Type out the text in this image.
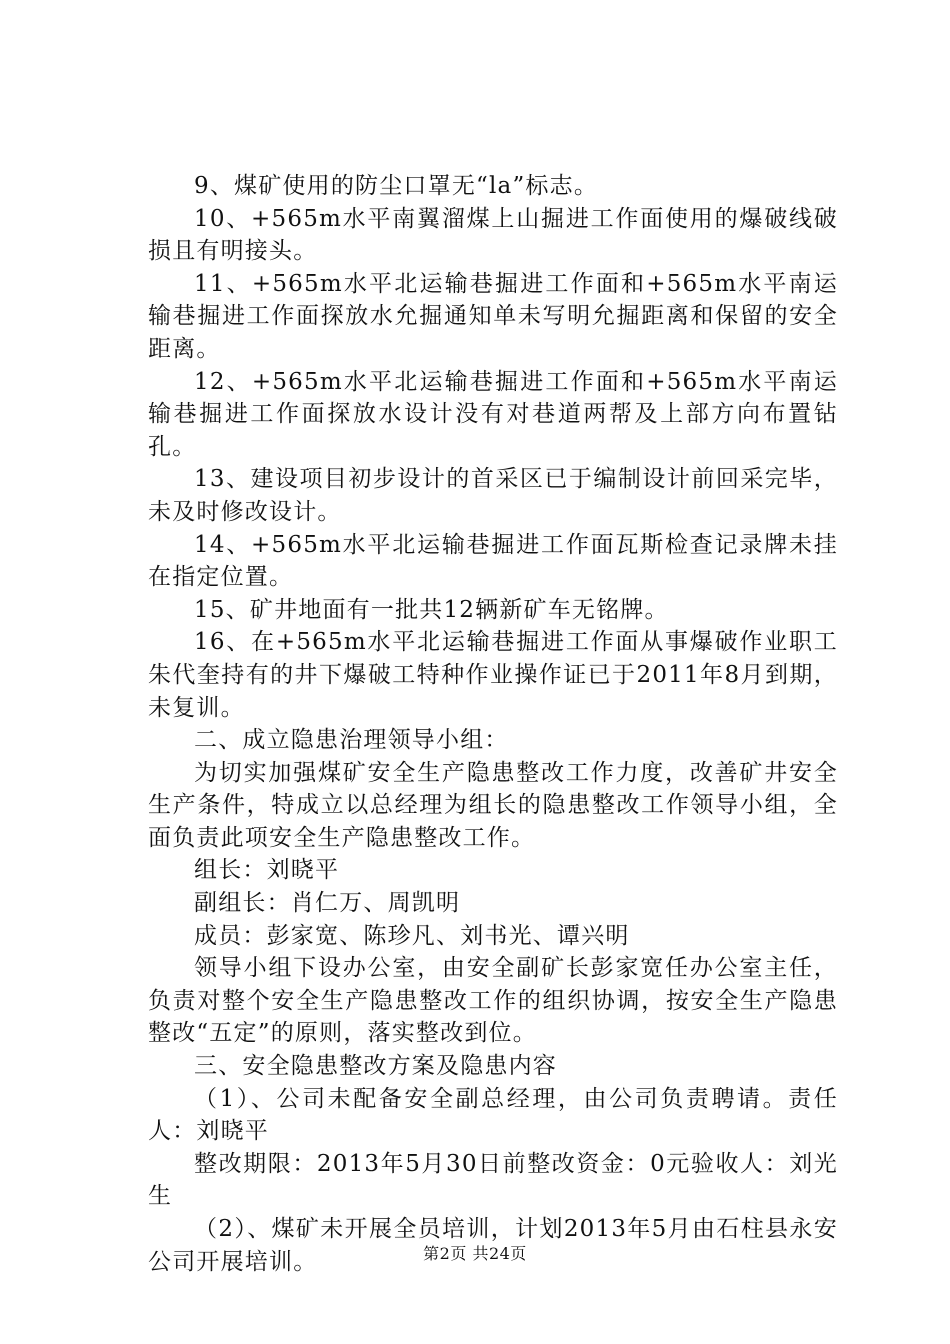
9、煤矿使用的防尘口罩无“la”标志。

10、+565m水平南翼溜煤上山掘进工作面使用的爆破线破损且有明接头。

11、+565m水平北运输巷掘进工作面和+565m水平南运输巷掘进工作面探放水允掘通知单未写明允掘距离和保留的安全距离。

12、+565m水平北运输巷掘进工作面和+565m水平南运输巷掘进工作面探放水设计没有对巷道两帮及上部方向布置钻孔。

13、建设项目初步设计的首采区已于编制设计前回采完毕，未及时修改设计。

14、+565m水平北运输巷掘进工作面瓦斯检查记录牌未挂在指定位置。

15、矿井地面有一批共12辆新矿车无铭牌。

16、在+565m水平北运输巷掘进工作面从事爆破作业职工朱代奎持有的井下爆破工特种作业操作证已于2011年8月到期，未复训。

二、成立隐患治理领导小组：

为切实加强煤矿安全生产隐患整改工作力度，改善矿井安全生产条件，特成立以总经理为组长的隐患整改工作领导小组，全面负责此项安全生产隐患整改工作。

组长：刘晓平

副组长：肖仁万、周凯明

成员：彭家宽、陈珍凡、刘书光、谭兴明

领导小组下设办公室，由安全副矿长彭家宽任办公室主任，负责对整个安全生产隐患整改工作的组织协调，按安全生产隐患整改“五定”的原则，落实整改到位。

三、安全隐患整改方案及隐患内容

（1）、公司未配备安全副总经理，由公司负责聘请。责任人：刘晓平

整改期限：2013年5月30日前整改资金：0元验收人：刘光生

（2）、煤矿未开展全员培训，计划2013年5月由石柱县永安公司开展培训。	第2页 共24页
